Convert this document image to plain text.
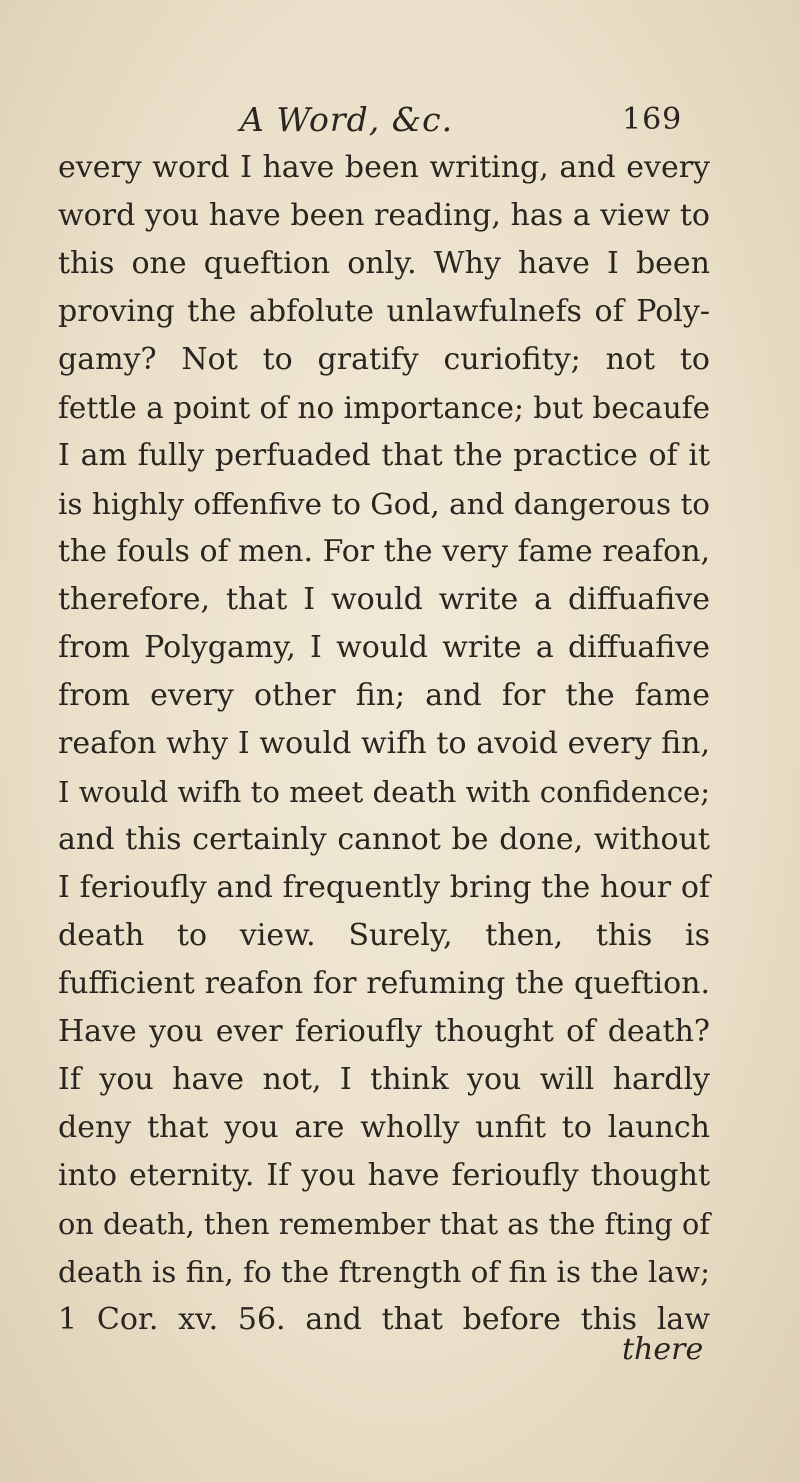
A Word, &c.	169
every word I have been writing, and every
word you have been reading, has a view to
this one queftion only. Why have I been
proving the abfolute unlawfulnefs of Poly-
gamy? Not to gratify curiofity; not to
fettle a point of no importance; but becaufe
I am fully perfuaded that the practice of it
is highly offenfive to God, and dangerous to
the fouls of men. For the very fame reafon,
therefore, that I would write a diffuafive
from Polygamy, I would write a diffuafive
from every other fin; and for the fame
reafon why I would wifh to avoid every fin,
I would wifh to meet death with confidence;
and this certainly cannot be done, without
I ferioufly and frequently bring the hour of
death to view. Surely, then, this is
fufficient reafon for refuming the queftion.
Have you ever ferioufly thought of death?
If you have not, I think you will hardly
deny that you are wholly unfit to launch
into eternity. If you have ferioufly thought
on death, then remember that as the fting of
death is fin, fo the ftrength of fin is the law;
1 Cor. xv. 56. and that before this law
there
